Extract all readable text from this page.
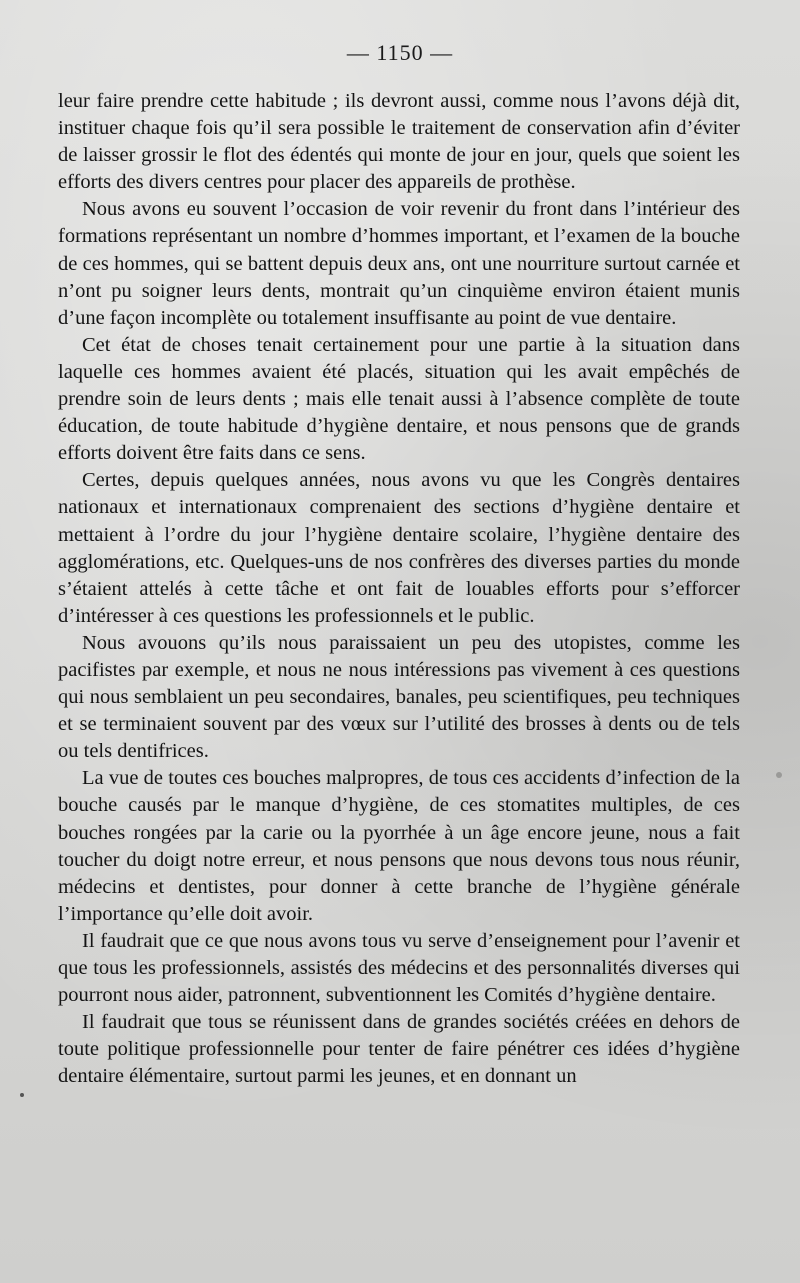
— 1150 —

leur faire prendre cette habitude ; ils devront aussi, comme nous l’avons déjà dit, instituer chaque fois qu’il sera possible le traitement de conservation afin d’éviter de laisser grossir le flot des édentés qui monte de jour en jour, quels que soient les efforts des divers centres pour placer des appareils de prothèse.

Nous avons eu souvent l’occasion de voir revenir du front dans l’intérieur des formations représentant un nombre d’hommes important, et l’examen de la bouche de ces hommes, qui se battent depuis deux ans, ont une nourriture surtout carnée et n’ont pu soigner leurs dents, montrait qu’un cinquième environ étaient munis d’une façon incomplète ou totalement insuffisante au point de vue dentaire.

Cet état de choses tenait certainement pour une partie à la situation dans laquelle ces hommes avaient été placés, situation qui les avait empêchés de prendre soin de leurs dents ; mais elle tenait aussi à l’absence complète de toute éducation, de toute habitude d’hygiène dentaire, et nous pensons que de grands efforts doivent être faits dans ce sens.

Certes, depuis quelques années, nous avons vu que les Congrès dentaires nationaux et internationaux comprenaient des sections d’hygiène dentaire et mettaient à l’ordre du jour l’hygiène dentaire scolaire, l’hygiène dentaire des agglomérations, etc. Quelques-uns de nos confrères des diverses parties du monde s’étaient attelés à cette tâche et ont fait de louables efforts pour s’efforcer d’intéresser à ces questions les professionnels et le public.

Nous avouons qu’ils nous paraissaient un peu des utopistes, comme les pacifistes par exemple, et nous ne nous intéressions pas vivement à ces questions qui nous semblaient un peu secondaires, banales, peu scientifiques, peu techniques et se terminaient souvent par des vœux sur l’utilité des brosses à dents ou de tels ou tels dentifrices.

La vue de toutes ces bouches malpropres, de tous ces accidents d’infection de la bouche causés par le manque d’hygiène, de ces stomatites multiples, de ces bouches rongées par la carie ou la pyorrhée à un âge encore jeune, nous a fait toucher du doigt notre erreur, et nous pensons que nous devons tous nous réunir, médecins et dentistes, pour donner à cette branche de l’hygiène générale l’importance qu’elle doit avoir.

Il faudrait que ce que nous avons tous vu serve d’enseignement pour l’avenir et que tous les professionnels, assistés des médecins et des personnalités diverses qui pourront nous aider, patronnent, subventionnent les Comités d’hygiène dentaire.

Il faudrait que tous se réunissent dans de grandes sociétés créées en dehors de toute politique professionnelle pour tenter de faire pénétrer ces idées d’hygiène dentaire élémentaire, surtout parmi les jeunes, et en donnant un
